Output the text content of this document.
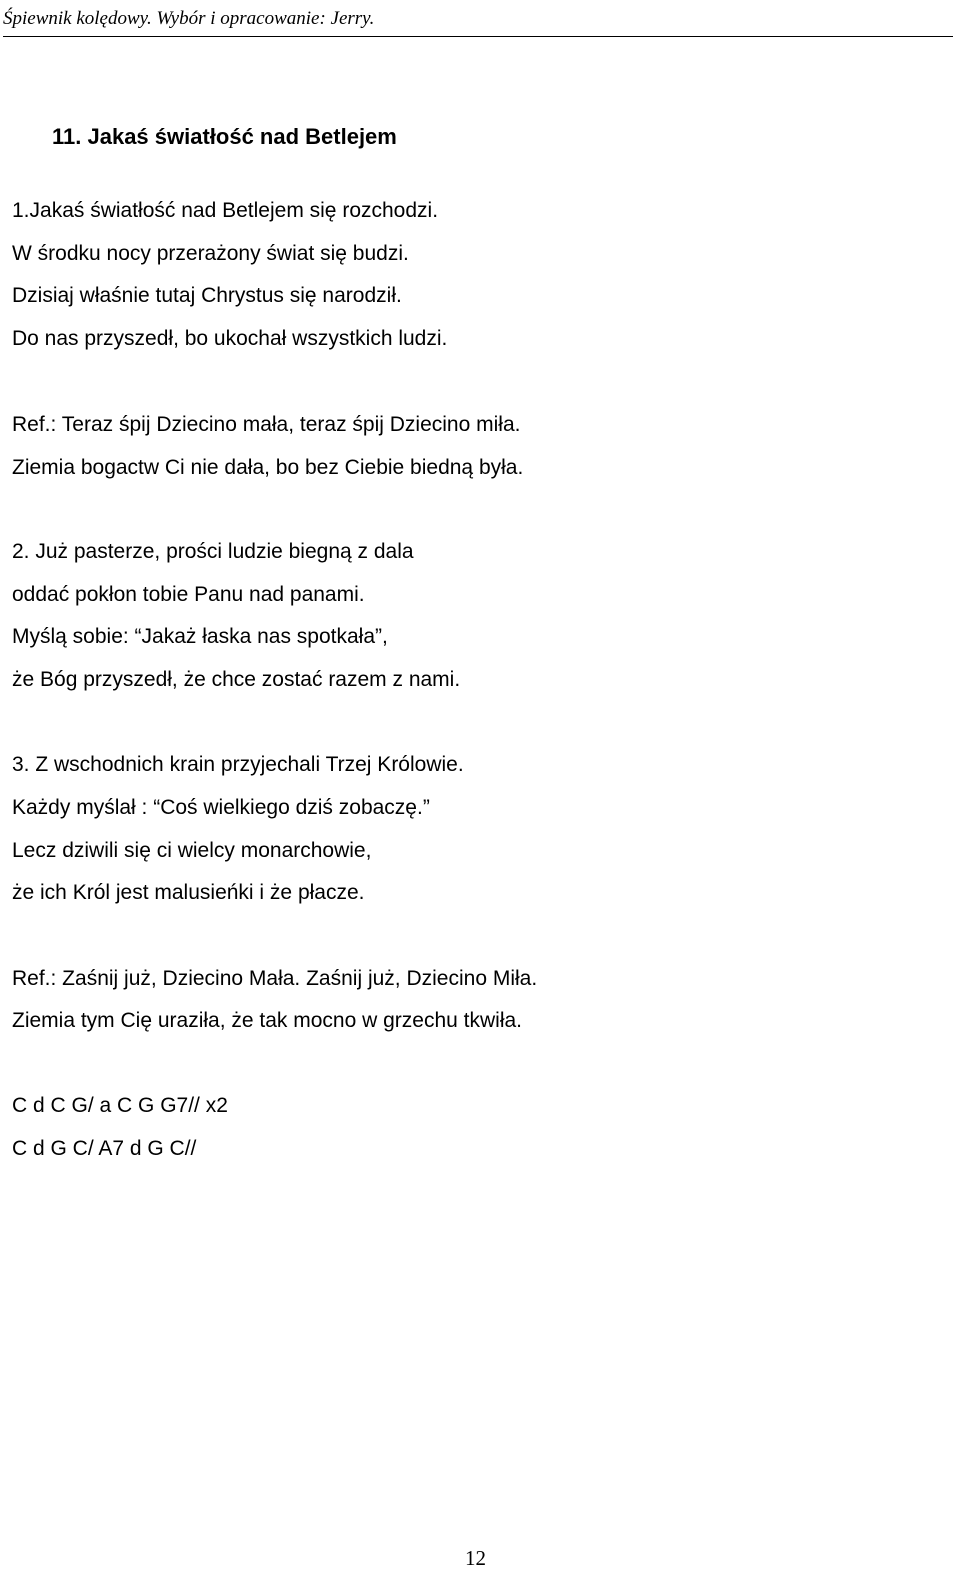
Śpiewnik kolędowy. Wybór i opracowanie: Jerry.
11. Jakaś światłość nad Betlejem
1.Jakaś światłość nad Betlejem się rozchodzi.
W środku nocy przerażony świat się budzi.
Dzisiaj właśnie tutaj Chrystus się narodził.
Do nas przyszedł, bo ukochał wszystkich ludzi.
Ref.: Teraz śpij Dziecino mała, teraz śpij Dziecino miła.
Ziemia bogactw Ci nie dała, bo bez Ciebie biedną była.
2. Już pasterze, prości ludzie biegną z dala
oddać pokłon tobie Panu nad panami.
Myślą sobie: “Jakaż łaska nas spotkała”,
że Bóg przyszedł, że chce zostać razem z nami.
3. Z wschodnich krain przyjechali Trzej Królowie.
Każdy myślał : “Coś wielkiego dziś zobaczę.”
Lecz dziwili się ci wielcy monarchowie,
że ich Król jest malusieńki i że płacze.
Ref.: Zaśnij już, Dziecino Mała. Zaśnij już, Dziecino Miła.
Ziemia tym Cię uraziła, że tak mocno w grzechu tkwiła.
C d C G/ a C G G7// x2
C d G C/ A7 d G C//
12
